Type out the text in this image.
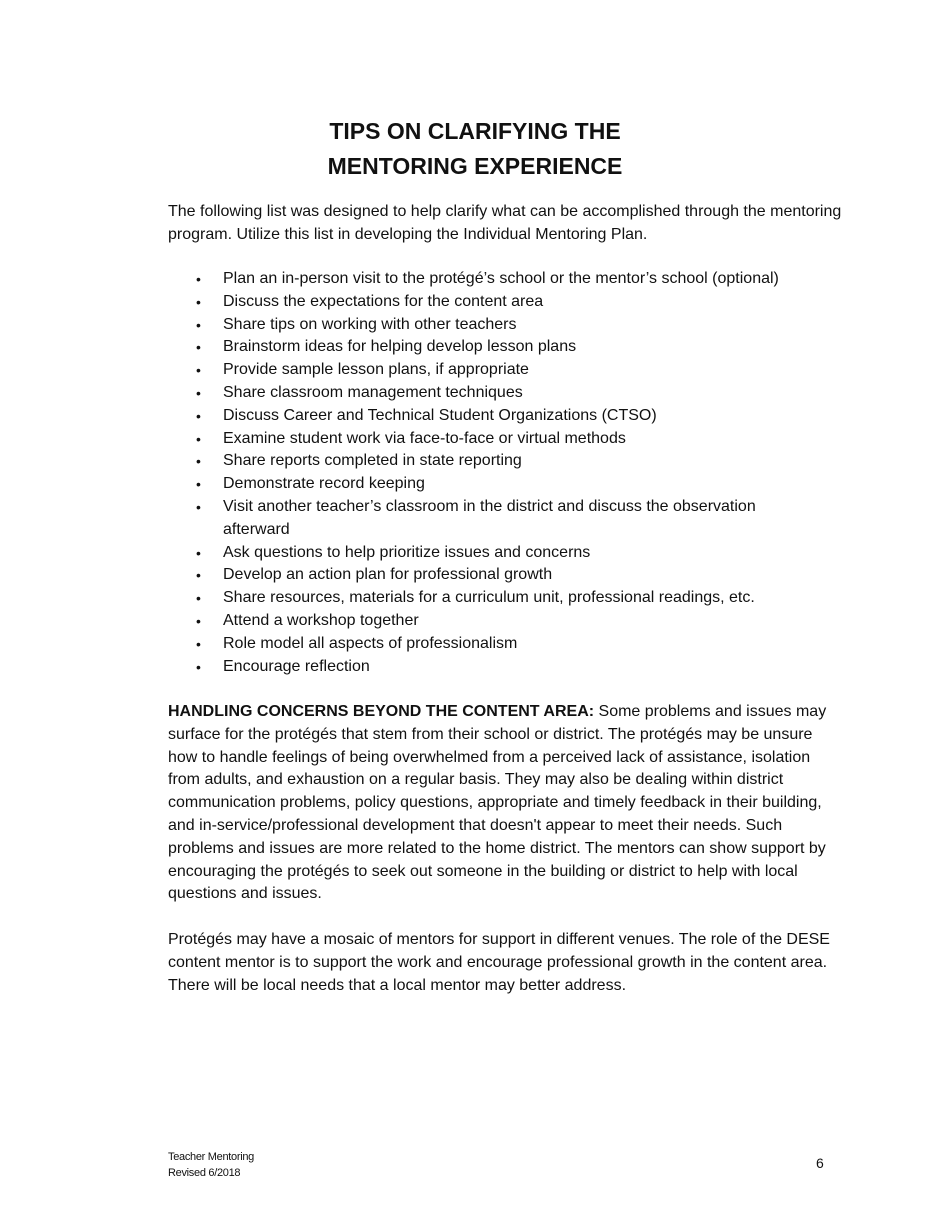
TIPS ON CLARIFYING THE
MENTORING EXPERIENCE

The following list was designed to help clarify what can be accomplished through the mentoring program. Utilize this list in developing the Individual Mentoring Plan.

• Plan an in-person visit to the protégé’s school or the mentor’s school (optional)
• Discuss the expectations for the content area
• Share tips on working with other teachers
• Brainstorm ideas for helping develop lesson plans
• Provide sample lesson plans, if appropriate
• Share classroom management techniques
• Discuss Career and Technical Student Organizations (CTSO)
• Examine student work via face-to-face or virtual methods
• Share reports completed in state reporting
• Demonstrate record keeping
• Visit another teacher’s classroom in the district and discuss the observation afterward
• Ask questions to help prioritize issues and concerns
• Develop an action plan for professional growth
• Share resources, materials for a curriculum unit, professional readings, etc.
• Attend a workshop together
• Role model all aspects of professionalism
• Encourage reflection

HANDLING CONCERNS BEYOND THE CONTENT AREA: Some problems and issues may surface for the protégés that stem from their school or district. The protégés may be unsure how to handle feelings of being overwhelmed from a perceived lack of assistance, isolation from adults, and exhaustion on a regular basis. They may also be dealing within district communication problems, policy questions, appropriate and timely feedback in their building, and in-service/professional development that doesn't appear to meet their needs. Such problems and issues are more related to the home district. The mentors can show support by encouraging the protégés to seek out someone in the building or district to help with local questions and issues.

Protégés may have a mosaic of mentors for support in different venues. The role of the DESE content mentor is to support the work and encourage professional growth in the content area. There will be local needs that a local mentor may better address.

Teacher Mentoring
Revised 6/2018
6
